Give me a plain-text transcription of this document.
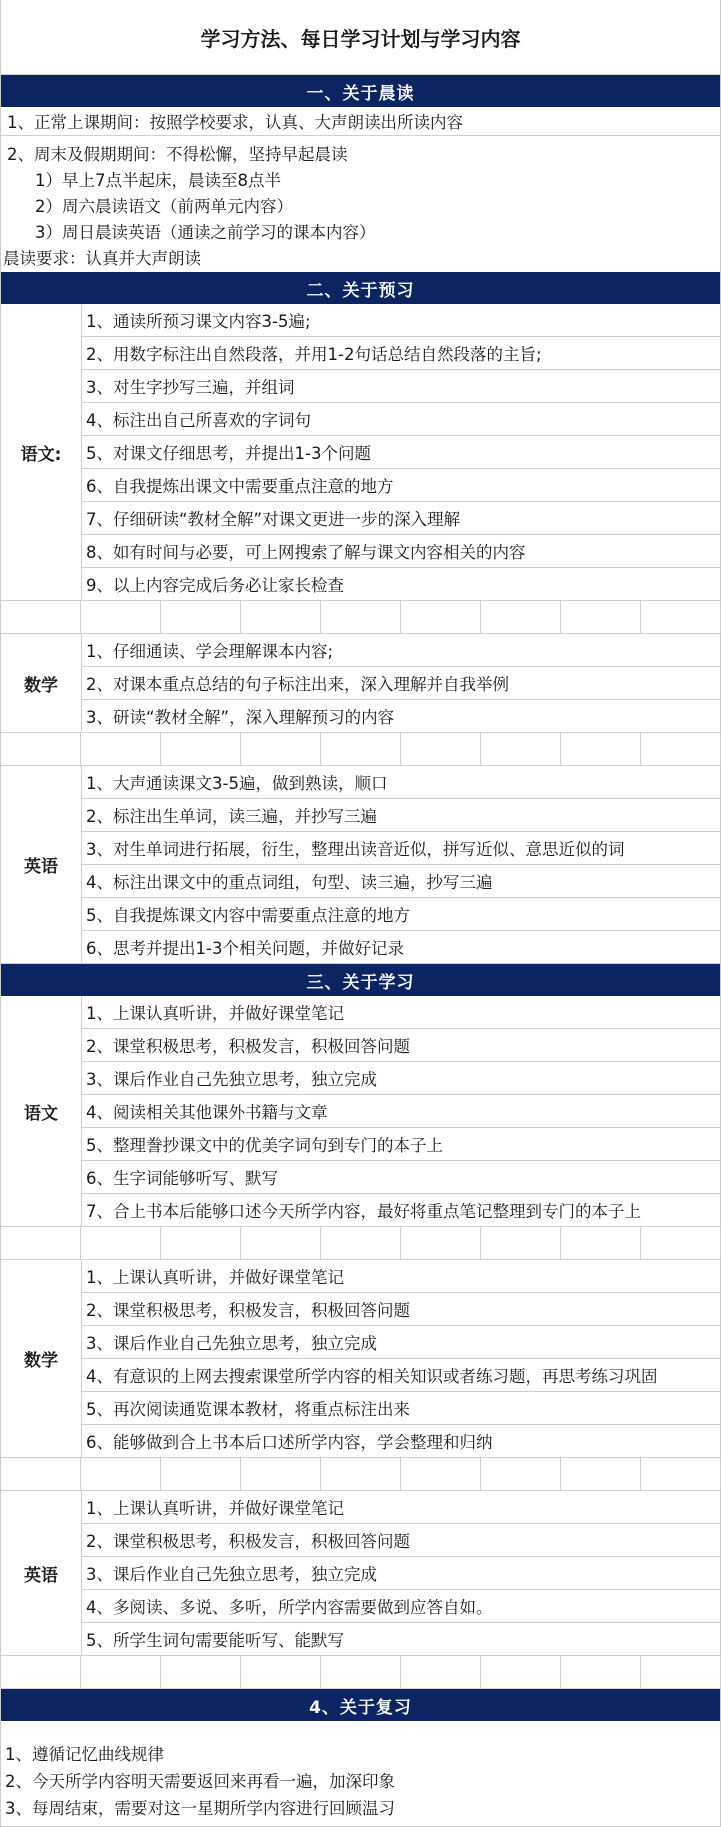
学习方法、每日学习计划与学习内容
一、关于晨读
1、正常上课期间：按照学校要求，认真、大声朗读出所读内容
2、周末及假期期间：不得松懈，坚持早起晨读
1）早上7点半起床，晨读至8点半
2）周六晨读语文（前两单元内容）
3）周日晨读英语（通读之前学习的课本内容）
晨读要求：认真并大声朗读
二、关于预习
语文:
1、通读所预习课文内容3-5遍;
2、用数字标注出自然段落，并用1-2句话总结自然段落的主旨;
3、对生字抄写三遍，并组词
4、标注出自己所喜欢的字词句
5、对课文仔细思考，并提出1-3个问题
6、自我提炼出课文中需要重点注意的地方
7、仔细研读“教材全解”对课文更进一步的深入理解
8、如有时间与必要，可上网搜索了解与课文内容相关的内容
9、以上内容完成后务必让家长检查
数学
1、仔细通读、学会理解课本内容;
2、对课本重点总结的句子标注出来，深入理解并自我举例
3、研读“教材全解”，深入理解预习的内容
英语
1、大声通读课文3-5遍，做到熟读，顺口
2、标注出生单词，读三遍，并抄写三遍
3、对生单词进行拓展，衍生，整理出读音近似，拼写近似、意思近似的词
4、标注出课文中的重点词组，句型、读三遍，抄写三遍
5、自我提炼课文内容中需要重点注意的地方
6、思考并提出1-3个相关问题，并做好记录
三、关于学习
语文
1、上课认真听讲，并做好课堂笔记
2、课堂积极思考，积极发言，积极回答问题
3、课后作业自己先独立思考，独立完成
4、阅读相关其他课外书籍与文章
5、整理誊抄课文中的优美字词句到专门的本子上
6、生字词能够听写、默写
7、合上书本后能够口述今天所学内容，最好将重点笔记整理到专门的本子上
数学
1、上课认真听讲，并做好课堂笔记
2、课堂积极思考，积极发言，积极回答问题
3、课后作业自己先独立思考，独立完成
4、有意识的上网去搜索课堂所学内容的相关知识或者练习题，再思考练习巩固
5、再次阅读通览课本教材，将重点标注出来
6、能够做到合上书本后口述所学内容，学会整理和归纳
英语
1、上课认真听讲，并做好课堂笔记
2、课堂积极思考，积极发言，积极回答问题
3、课后作业自己先独立思考，独立完成
4、多阅读、多说、多听，所学内容需要做到应答自如。
5、所学生词句需要能听写、能默写
4、关于复习
1、遵循记忆曲线规律
2、今天所学内容明天需要返回来再看一遍，加深印象
3、每周结束，需要对这一星期所学内容进行回顾温习
